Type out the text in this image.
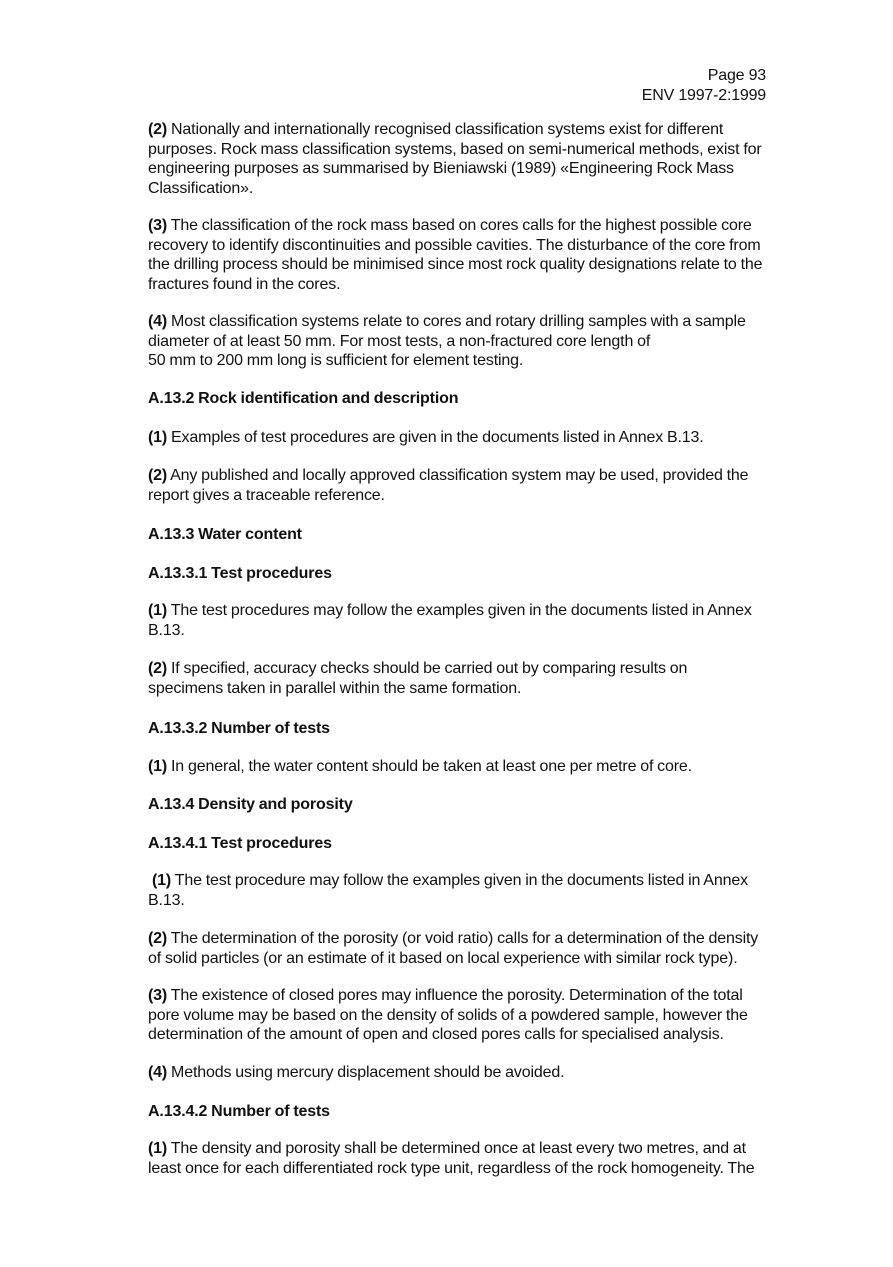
Page 93
ENV 1997-2:1999
(2) Nationally and internationally recognised classification systems exist for different
purposes. Rock mass classification systems, based on semi-numerical methods, exist for
engineering purposes as summarised by Bieniawski (1989) «Engineering Rock Mass
Classification».
(3) The classification of the rock mass based on cores calls for the highest possible core
recovery to identify discontinuities and possible cavities. The disturbance of the core from
the drilling process should be minimised since most rock quality designations relate to the
fractures found in the cores.
(4) Most classification systems relate to cores and rotary drilling samples with a sample
diameter of at least 50 mm. For most tests, a non-fractured core length of
50 mm to 200 mm long is sufficient for element testing.
A.13.2 Rock identification and description
(1) Examples of test procedures are given in the documents listed in Annex B.13.
(2) Any published and locally approved classification system may be used, provided the
report gives a traceable reference.
A.13.3 Water content
A.13.3.1 Test procedures
(1) The test procedures may follow the examples given in the documents listed in Annex
B.13.
(2) If specified, accuracy checks should be carried out by comparing results on
specimens taken in parallel within the same formation.
A.13.3.2 Number of tests
(1) In general, the water content should be taken at least one per metre of core.
A.13.4 Density and porosity
A.13.4.1 Test procedures
(1) The test procedure may follow the examples given in the documents listed in Annex
B.13.
(2) The determination of the porosity (or void ratio) calls for a determination of the density
of solid particles (or an estimate of it based on local experience with similar rock type).
(3) The existence of closed pores may influence the porosity. Determination of the total
pore volume may be based on the density of solids of a powdered sample, however the
determination of the amount of open and closed pores calls for specialised analysis.
(4) Methods using mercury displacement should be avoided.
A.13.4.2 Number of tests
(1) The density and porosity shall be determined once at least every two metres, and at
least once for each differentiated rock type unit, regardless of the rock homogeneity. The
